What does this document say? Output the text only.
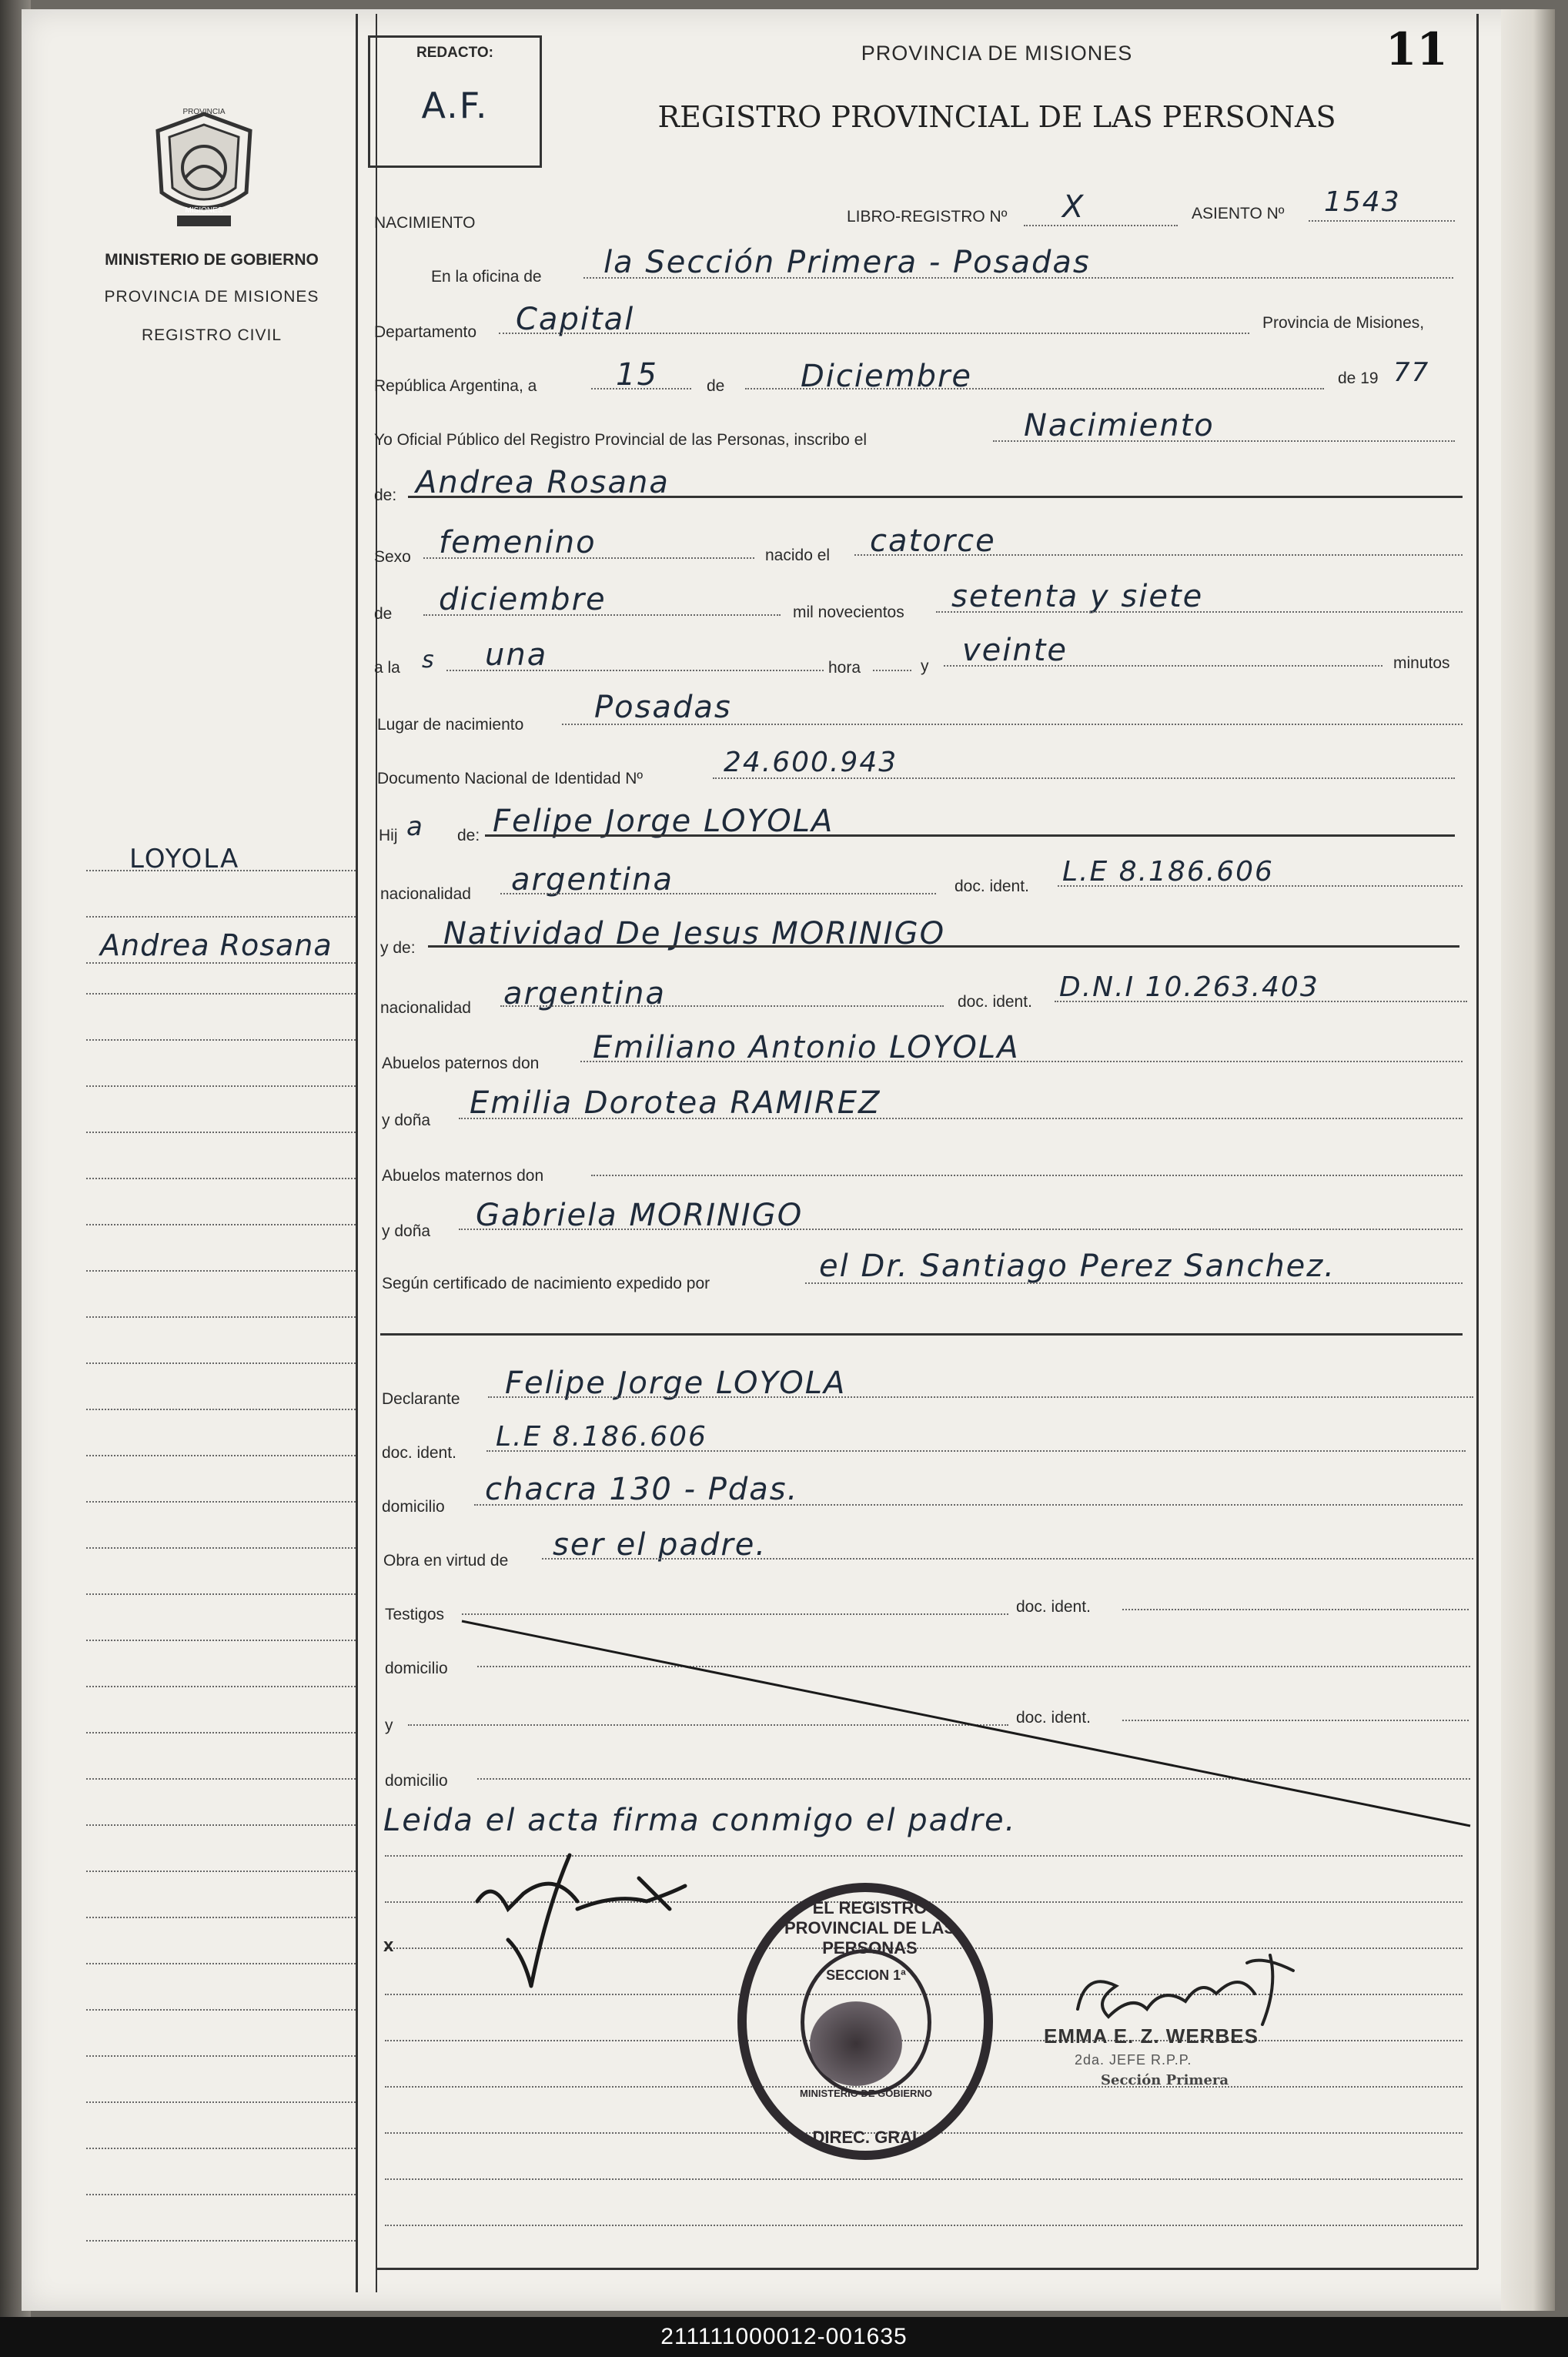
11
PROVINCIA
MISIONES
MINISTERIO DE GOBIERNO
PROVINCIA DE MISIONES
REGISTRO CIVIL
LOYOLA
Andrea Rosana
REDACTO:
A.F.
PROVINCIA DE MISIONES
REGISTRO PROVINCIAL DE LAS PERSONAS
NACIMIENTO	LIBRO-REGISTRO Nº X	ASIENTO Nº 1543
En la oficina de la Sección Primera - Posadas
Departamento Capital	Provincia de Misiones,
República Argentina, a	15	de Diciembre	de 19 77
Yo Oficial Público del Registro Provincial de las Personas, inscribo el	Nacimiento
de: Andrea Rosana
Sexo femenino	nacido el catorce
de diciembre	mil novecientos setenta y siete
a la s una	hora	y veinte	minutos
Lugar de nacimiento Posadas
Documento Nacional de Identidad Nº
24.600.943
Hij a de: Felipe Jorge LOYOLA
nacionalidad argentina	doc. ident. L.E 8.186.606
y de: Natividad De Jesus MORINIGO
nacionalidad argentina	doc. ident. D.N.I 10.263.403
Abuelos paternos don Emiliano Antonio LOYOLA
y doña Emilia Dorotea RAMIREZ
Abuelos maternos don
y doña Gabriela MORINIGO
Según certificado de nacimiento expedido por	el Dr. Santiago Perez Sanchez.
Declarante Felipe Jorge LOYOLA
doc. ident.
L.E 8.186.606
domicilio chacra 130 - Pdas.
Obra en virtud de ser el padre.
Testigos	doc. ident.
domicilio
y	doc. ident.
domicilio
Leida el acta firma conmigo el padre.
x
EL REGISTRO PROVINCIAL DE LAS PERSONAS
DIREC. GRAL.
SECCION 1ª
MINISTERIO DE GOBIERNO
EMMA E. Z. WERBES
2da. JEFE R.P.P.
Sección Primera
211111000012-001635
